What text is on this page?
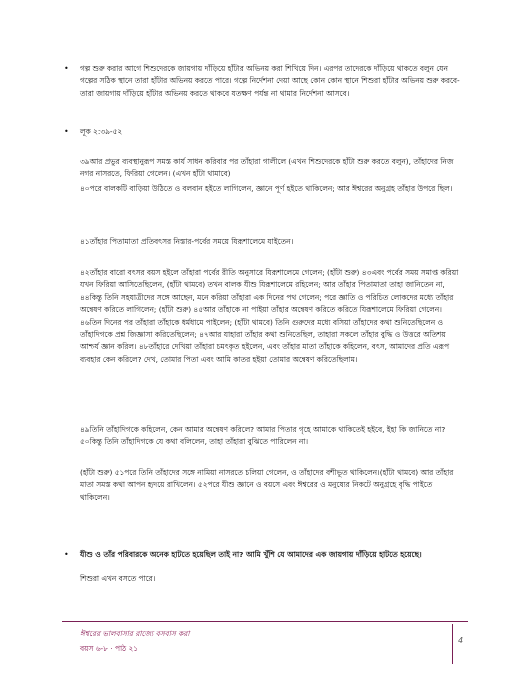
• গল্প শুরু করার আগে শিশুদেরকে জায়গায় দাঁড়িয়ে হাঁটার অভিনয় করা শিখিয়ে দিন। এরপর তাদেরকে দাঁড়িয়ে থাকতে বলুন যেন গল্পের সঠিক স্থানে তারা হাঁটার অভিনয় করতে পারে। গল্পে নির্দেশনা দেয়া আছে কোন কোন স্থানে শিশুরা হাঁটার অভিনয় শুরু করবে- তারা জায়গায় দাঁড়িয়ে হাঁটার অভিনয় করতে থাকবে যতক্ষণ পর্যন্ত না থামার নির্দেশনা আসবে।
• লূক ২:৩৯-৫২
৩৯আর প্রভুর ব্যবস্থানুরূপ সমস্ত কার্য সাধন করিবার পর তাঁহারা গালীলে (এখন শিশুদেরকে হাঁটা শুরু করতে বলুন), তাঁহাদের নিজ নগর নাসরতে, ফিরিয়া গেলেন। (এখন হাঁটা থামাবে)
৪০পরে বালকটি বাড়িয়া উঠিতে ও বলবান হইতে লাগিলেন, জ্ঞানে পূর্ণ হইতে থাকিলেন; আর ঈশ্বরের অনুগ্রহ তাঁহার উপরে ছিল।
৪১তাঁহার পিতামাতা প্রতিবৎসর নিস্তার-পর্বের সময়ে যিরূশালেমে যাইতেন।
৪২তাঁহার বারো বৎসর বয়স হইলে তাঁহারা পর্বের রীতি অনুসারে যিরূশালেমে গেলেন; (হাঁটা শুরু) ৪৩এবং পর্বের সময় সমাপ্ত করিয়া যখন ফিরিয়া আসিতেছিলেন, (হাঁটা থামবে) তখন বালক যীশু যিরূশালেমে রহিলেন; আর তাঁহার পিতামাতা তাহা জানিতেন না, ৪৪কিন্তু তিনি সহযাত্রীদের সঙ্গে আছেন, মনে করিয়া তাঁহারা এক দিনের পথ গেলেন; পরে জ্ঞাতি ও পরিচিত লোকদের মধ্যে তাঁহার অন্বেষণ করিতে লাগিলেন; (হাঁটা শুরু) ৪৫আর তাঁহাকে না পাইয়া তাঁহার অন্বেষণ করিতে করিতে যিরূশালেমে ফিরিয়া গেলেন। ৪৬তিন দিনের পর তাঁহারা তাঁহাকে ধর্মধামে পাইলেন; (হাঁটা থামবে) তিনি গুরুদের মধ্যে বসিয়া তাঁহাদের কথা শুনিতেছিলেন ও তাঁহাদিগকে প্রশ্ন জিজ্ঞাসা করিতেছিলেন; ৪৭আর যাহারা তাঁহার কথা শুনিতেছিল, তাহারা সকলে তাঁহার বুদ্ধি ও উত্তরে অতিশয় আশ্চর্য জ্ঞান করিল। ৪৮তাঁহারে দেখিয়া তাঁহারা চমৎকৃত হইলেন, এবং তাঁহার মাতা তাঁহাকে কহিলেন, বৎস, আমাদের প্রতি এরূপ ব্যবহার কেন করিলে? দেখ, তোমার পিতা এবং আমি কাতর হইয়া তোমার অন্বেষণ করিতেছিলাম।
৪৯তিনি তাঁহাদিগকে কহিলেন, কেন আমার অন্বেষণ করিলে? আমার পিতার গৃহে আমাকে থাকিতেই হইবে, ইহা কি জানিতে না? ৫০কিন্তু তিনি তাঁহাদিগকে যে কথা বলিলেন, তাহা তাঁহারা বুঝিতে পারিলেন না।
(হাঁটা শুরু) ৫১পরে তিনি তাঁহাদের সঙ্গে নামিয়া নাসরতে চলিয়া গেলেন, ও তাঁহাদের বশীভূত থাকিলেন।(হাঁটা থামবে) আর তাঁহার মাতা সমস্ত কথা আপন হৃদয়ে রাখিলেন। ৫২পরে যীশু জ্ঞানে ও বয়সে এবং ঈশ্বরের ও মনুষ্যের নিকটে অনুগ্রহে বৃদ্ধি পাইতে থাকিলেন।
• যীশু ও তাঁর পরিবারকে অনেক হাটতে হয়েছিল তাই না? আমি খুঁশি যে আমাদের এক জায়গায় দাঁড়িয়ে হাটতে হয়েছে।
শিশুরা এখন বসতে পারে।
ঈশ্বরের ভালবাসার রাজ্যে বসবাস করা
বয়স ৬-৮ · পাঠ ২১
4
